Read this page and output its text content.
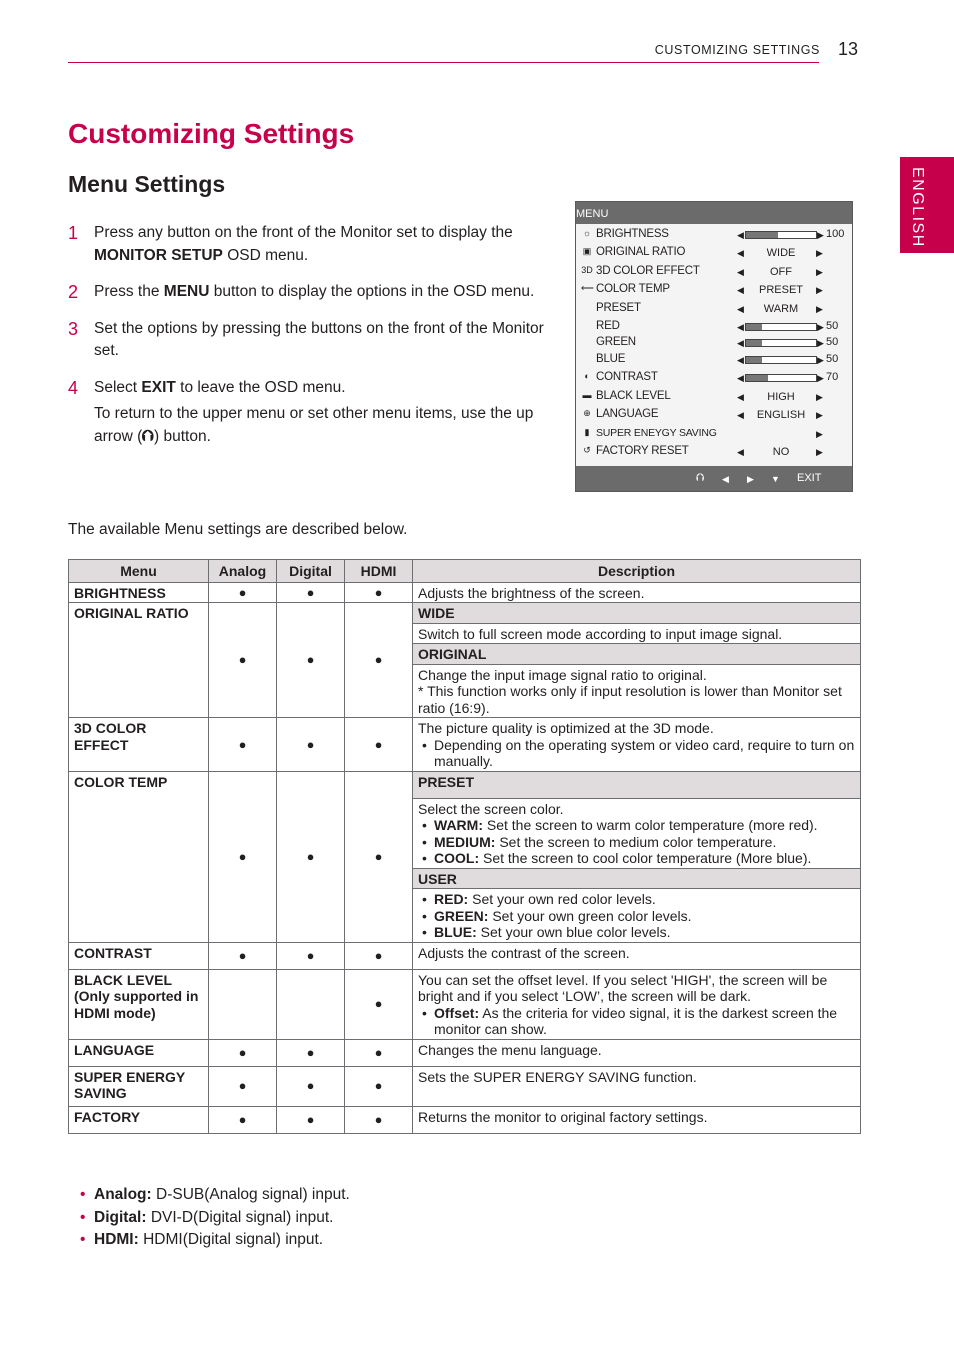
CUSTOMIZING SETTINGS 13
ENGLISH
Customizing Settings
Menu Settings
1 Press any button on the front of the Monitor set to display the MONITOR SETUP OSD menu.
2 Press the MENU button to display the options in the OSD menu.
3 Set the options by pressing the buttons on the front of the Monitor set.
4 Select EXIT to leave the OSD menu.
To return to the upper menu or set other menu items, use the up arrow (⮉) button.
MENU
☼ BRIGHTNESS	◀	▶ 100
▣ ORIGINAL RATIO	◀	WIDE	▶
3D 3D COLOR EFFECT	◀	OFF	▶
⟵ COLOR TEMP	◀	PRESET	▶
PRESET	◀	WARM	▶
RED	◀	▶ 50
GREEN	◀	▶ 50
BLUE	◀	▶ 50
◐ CONTRAST	◀	▶ 70
▬ BLACK LEVEL	◀	HIGH	▶
⊕ LANGUAGE	◀	ENGLISH	▶
▮ SUPER ENEYGY SAVING	▶
↺ FACTORY RESET	◀	NO	▶
⮉ ◀ ▶ ▼ EXIT
The available Menu settings are described below.
Menu	Analog	Digital	HDMI	Description
BRIGHTNESS	●	●	●	Adjusts the brightness of the screen.
ORIGINAL RATIO	●	●	●	WIDE
				Switch to full screen mode according to input image signal.
				ORIGINAL

				Change the input image signal ratio to original.
* This function works only if input resolution is lower than Monitor set ratio (16:9).

3D COLOR EFFECT	●	●	●	The picture quality is optimized at the 3D mode.
• Depending on the operating system or video card, require to turn on manually.

COLOR TEMP	●	●	●	PRESET

				Select the screen color.
• WARM: Set the screen to warm color temperature (more red).
• MEDIUM: Set the screen to medium color temperature.
• COOL: Set the screen to cool color temperature (More blue).

				USER

				• RED: Set your own red color levels.
• GREEN: Set your own green color levels.
• BLUE: Set your own blue color levels.

CONTRAST	●	●	●	Adjusts the contrast of the screen.
BLACK LEVEL (Only supported in HDMI mode)			●	You can set the offset level. If you select 'HIGH', the screen will be bright and if you select ‘LOW’, the screen will be dark.
• Offset: As the criteria for video signal, it is the darkest screen the monitor can show.

LANGUAGE	●	●	●	Changes the menu language.
SUPER ENERGY SAVING	●	●	●	Sets the SUPER ENERGY SAVING function.
FACTORY	●	●	●	Returns the monitor to original factory settings.
• Analog: D-SUB(Analog signal) input.
• Digital: DVI-D(Digital signal) input.
• HDMI: HDMI(Digital signal) input.
